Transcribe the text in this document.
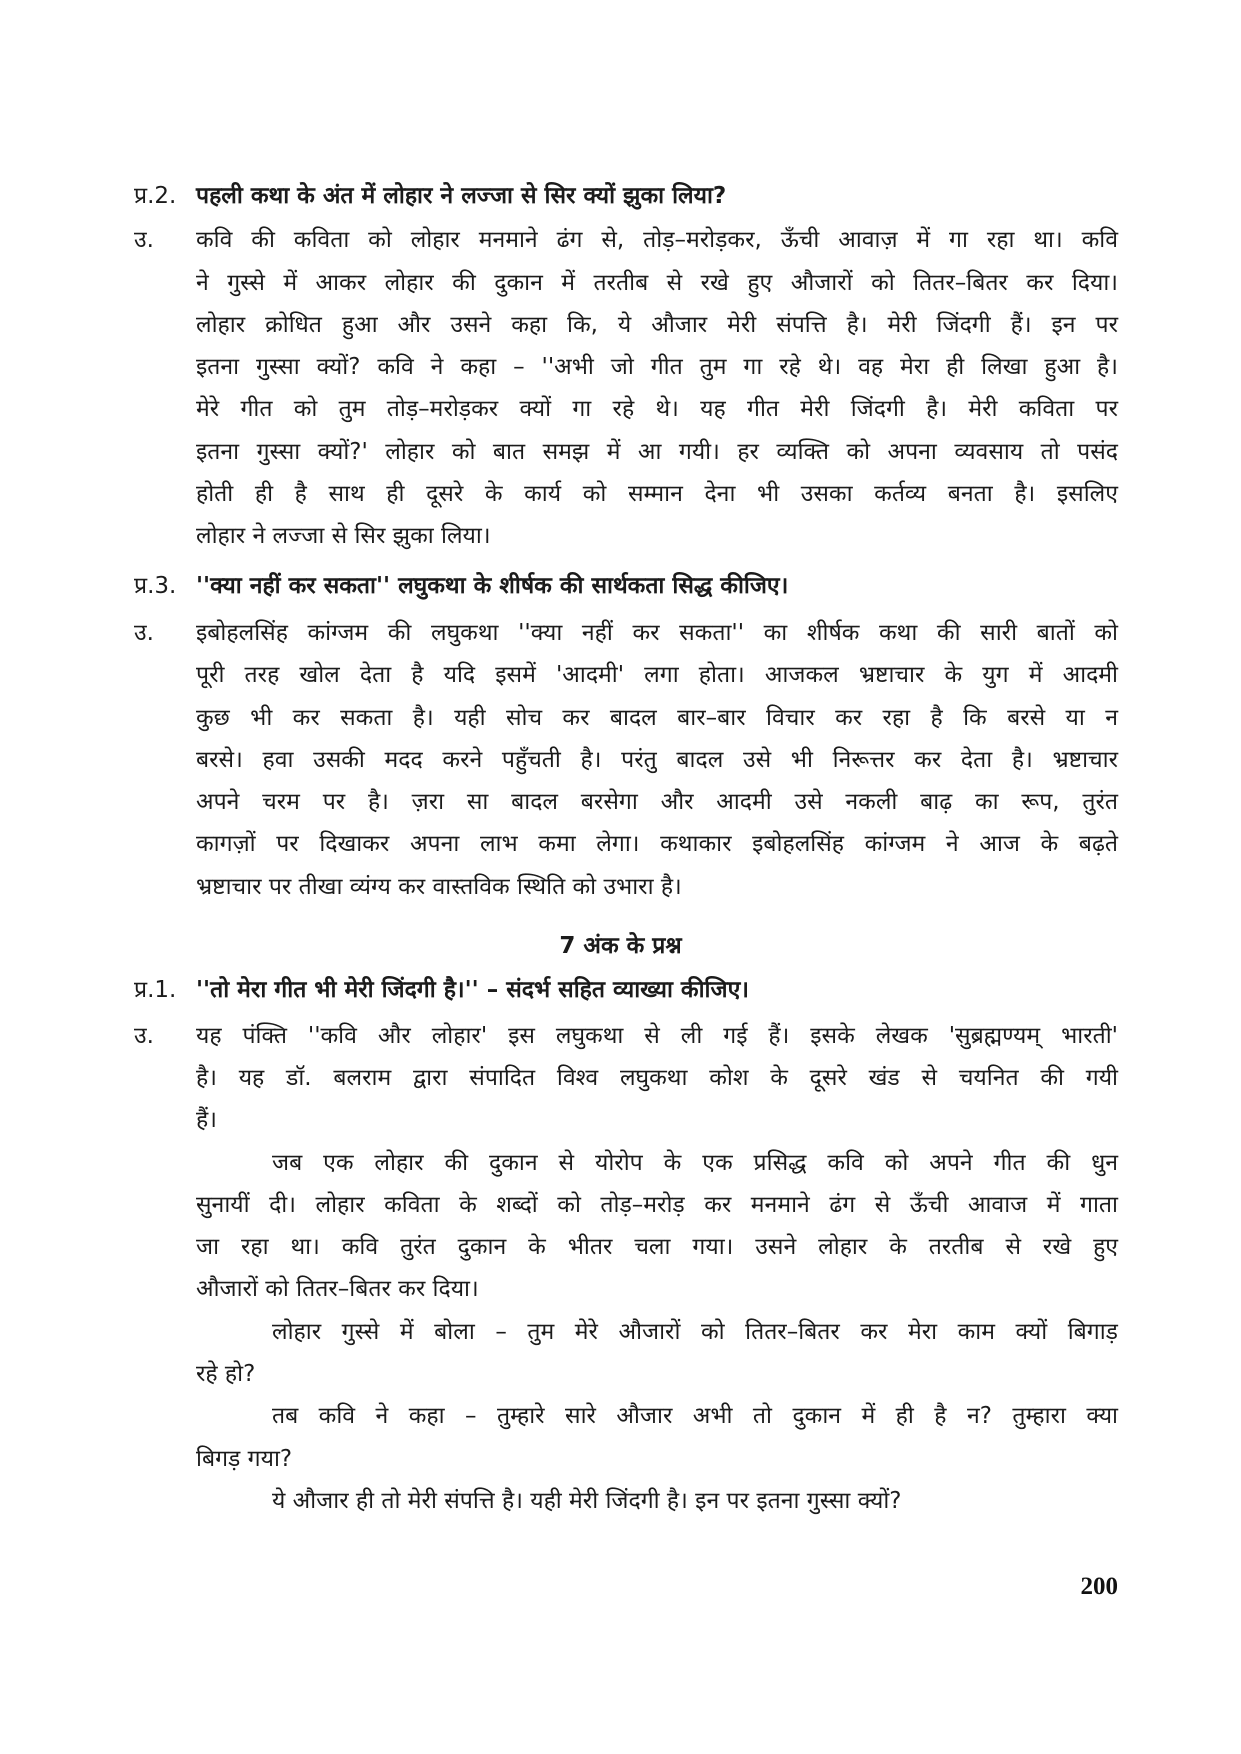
प्र.2. पहली कथा के अंत में लोहार ने लज्जा से सिर क्यों झुका लिया?
उ.	कवि की कविता को लोहार मनमाने ढंग से, तोड़–मरोड़कर, ऊँची आवाज़ में गा रहा था। कवि
ने गुस्से में आकर लोहार की दुकान में तरतीब से रखे हुए औजारों को तितर–बितर कर दिया।
लोहार क्रोधित हुआ और उसने कहा कि, ये औजार मेरी संपत्ति है। मेरी जिंदगी हैं। इन पर
इतना गुस्सा क्यों? कवि ने कहा – ''अभी जो गीत तुम गा रहे थे। वह मेरा ही लिखा हुआ है।
मेरे गीत को तुम तोड़–मरोड़कर क्यों गा रहे थे। यह गीत मेरी जिंदगी है। मेरी कविता पर
इतना गुस्सा क्यों?' लोहार को बात समझ में आ गयी। हर व्यक्ति को अपना व्यवसाय तो पसंद
होती ही है साथ ही दूसरे के कार्य को सम्मान देना भी उसका कर्तव्य बनता है। इसलिए
लोहार ने लज्जा से सिर झुका लिया।
प्र.3. ''क्या नहीं कर सकता'' लघुकथा के शीर्षक की सार्थकता सिद्ध कीजिए।
उ.	इबोहलसिंह कांग्जम की लघुकथा ''क्या नहीं कर सकता'' का शीर्षक कथा की सारी बातों को
पूरी तरह खोल देता है यदि इसमें 'आदमी' लगा होता। आजकल भ्रष्टाचार के युग में आदमी
कुछ भी कर सकता है। यही सोच कर बादल बार–बार विचार कर रहा है कि बरसे या न
बरसे। हवा उसकी मदद करने पहुँचती है। परंतु बादल उसे भी निरूत्तर कर देता है। भ्रष्टाचार
अपने चरम पर है। ज़रा सा बादल बरसेगा और आदमी उसे नकली बाढ़ का रूप, तुरंत
कागज़ों पर दिखाकर अपना लाभ कमा लेगा। कथाकार इबोहलसिंह कांग्जम ने आज के बढ़ते
भ्रष्टाचार पर तीखा व्यंग्य कर वास्तविक स्थिति को उभारा है।
7 अंक के प्रश्न
प्र.1. ''तो मेरा गीत भी मेरी जिंदगी है।'' – संदर्भ सहित व्याख्या कीजिए।
उ.	यह पंक्ति ''कवि और लोहार' इस लघुकथा से ली गई हैं। इसके लेखक 'सुब्रह्मण्यम् भारती'
है। यह डॉ. बलराम द्वारा संपादित विश्व लघुकथा कोश के दूसरे खंड से चयनित की गयी
हैं।
जब एक लोहार की दुकान से योरोप के एक प्रसिद्ध कवि को अपने गीत की धुन
सुनायीं दी। लोहार कविता के शब्दों को तोड़–मरोड़ कर मनमाने ढंग से ऊँची आवाज में गाता
जा रहा था। कवि तुरंत दुकान के भीतर चला गया। उसने लोहार के तरतीब से रखे हुए
औजारों को तितर–बितर कर दिया।
लोहार गुस्से में बोला – तुम मेरे औजारों को तितर–बितर कर मेरा काम क्यों बिगाड़
रहे हो?
तब कवि ने कहा – तुम्हारे सारे औजार अभी तो दुकान में ही है न? तुम्हारा क्या
बिगड़ गया?
ये औजार ही तो मेरी संपत्ति है। यही मेरी जिंदगी है। इन पर इतना गुस्सा क्यों?
200
